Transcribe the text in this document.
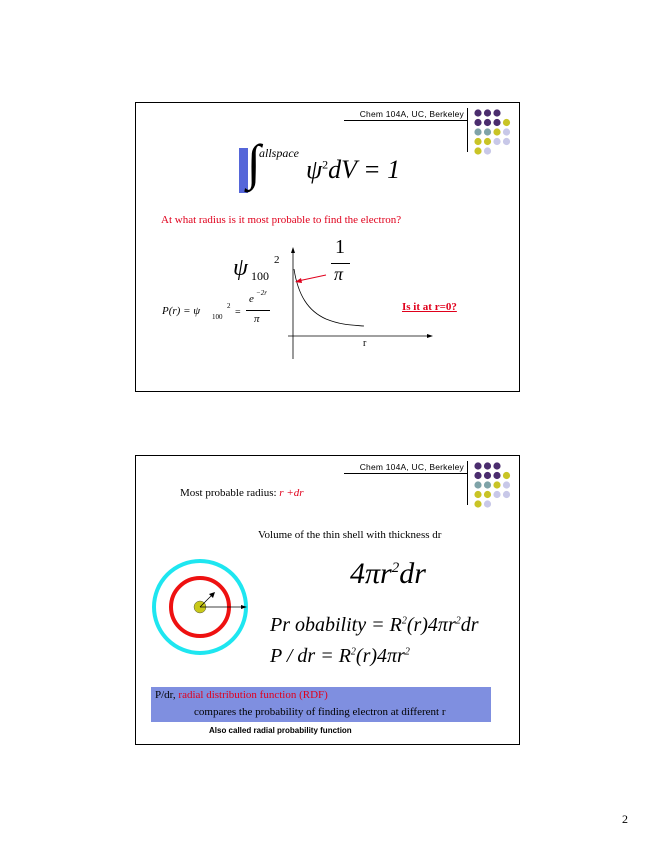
Chem 104A, UC, Berkeley
∫
allspace
$\psi^2dV = 1$
At what radius is it most probable to find the electron?
ψ 100
2
1
π
P(r) = ψ 100
2
=
e −2r
π
Is it at r=0?
r
Chem 104A, UC, Berkeley
Most probable radius: r +dr
Volume of the thin shell with thickness dr
$4\pi r^2dr$
Pr obability = $R^2(r)4\pi r^2dr$
P / dr = $R^2(r)4\pi r^2$
P/dr, radial distribution function (RDF)
compares the probability of finding electron at different r
Also called radial probability function
2
